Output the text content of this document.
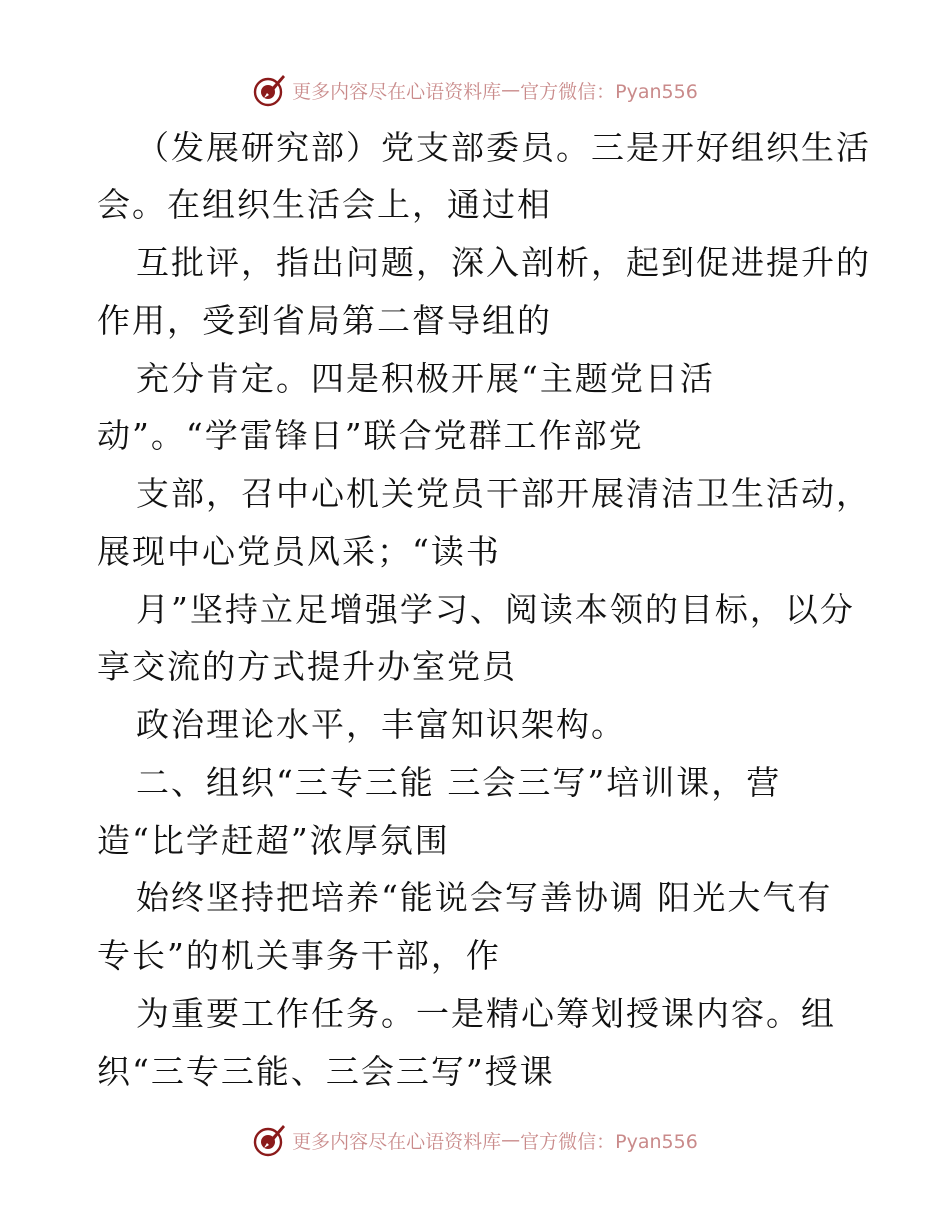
更多内容尽在心语资料库 — 官方微信：Pyan556
（发展研究部）党支部委员。三是开好组织生活
会。在组织生活会上，通过相
互批评，指出问题，深入剖析，起到促进提升的
作用，受到省局第二督导组的
充分肯定。四是积极开展“主题党日活
动”。“学雷锋日”联合党群工作部党
支部，召中心机关党员干部开展清洁卫生活动，
展现中心党员风采；“读书
月”坚持立足增强学习、阅读本领的目标，以分
享交流的方式提升办室党员
政治理论水平，丰富知识架构。
二、组织“三专三能 三会三写”培训课，营
造“比学赶超”浓厚氛围
始终坚持把培养“能说会写善协调 阳光大气有
专长”的机关事务干部，作
为重要工作任务。一是精心筹划授课内容。组
织“三专三能、三会三写”授课
更多内容尽在心语资料库 — 官方微信：Pyan556
